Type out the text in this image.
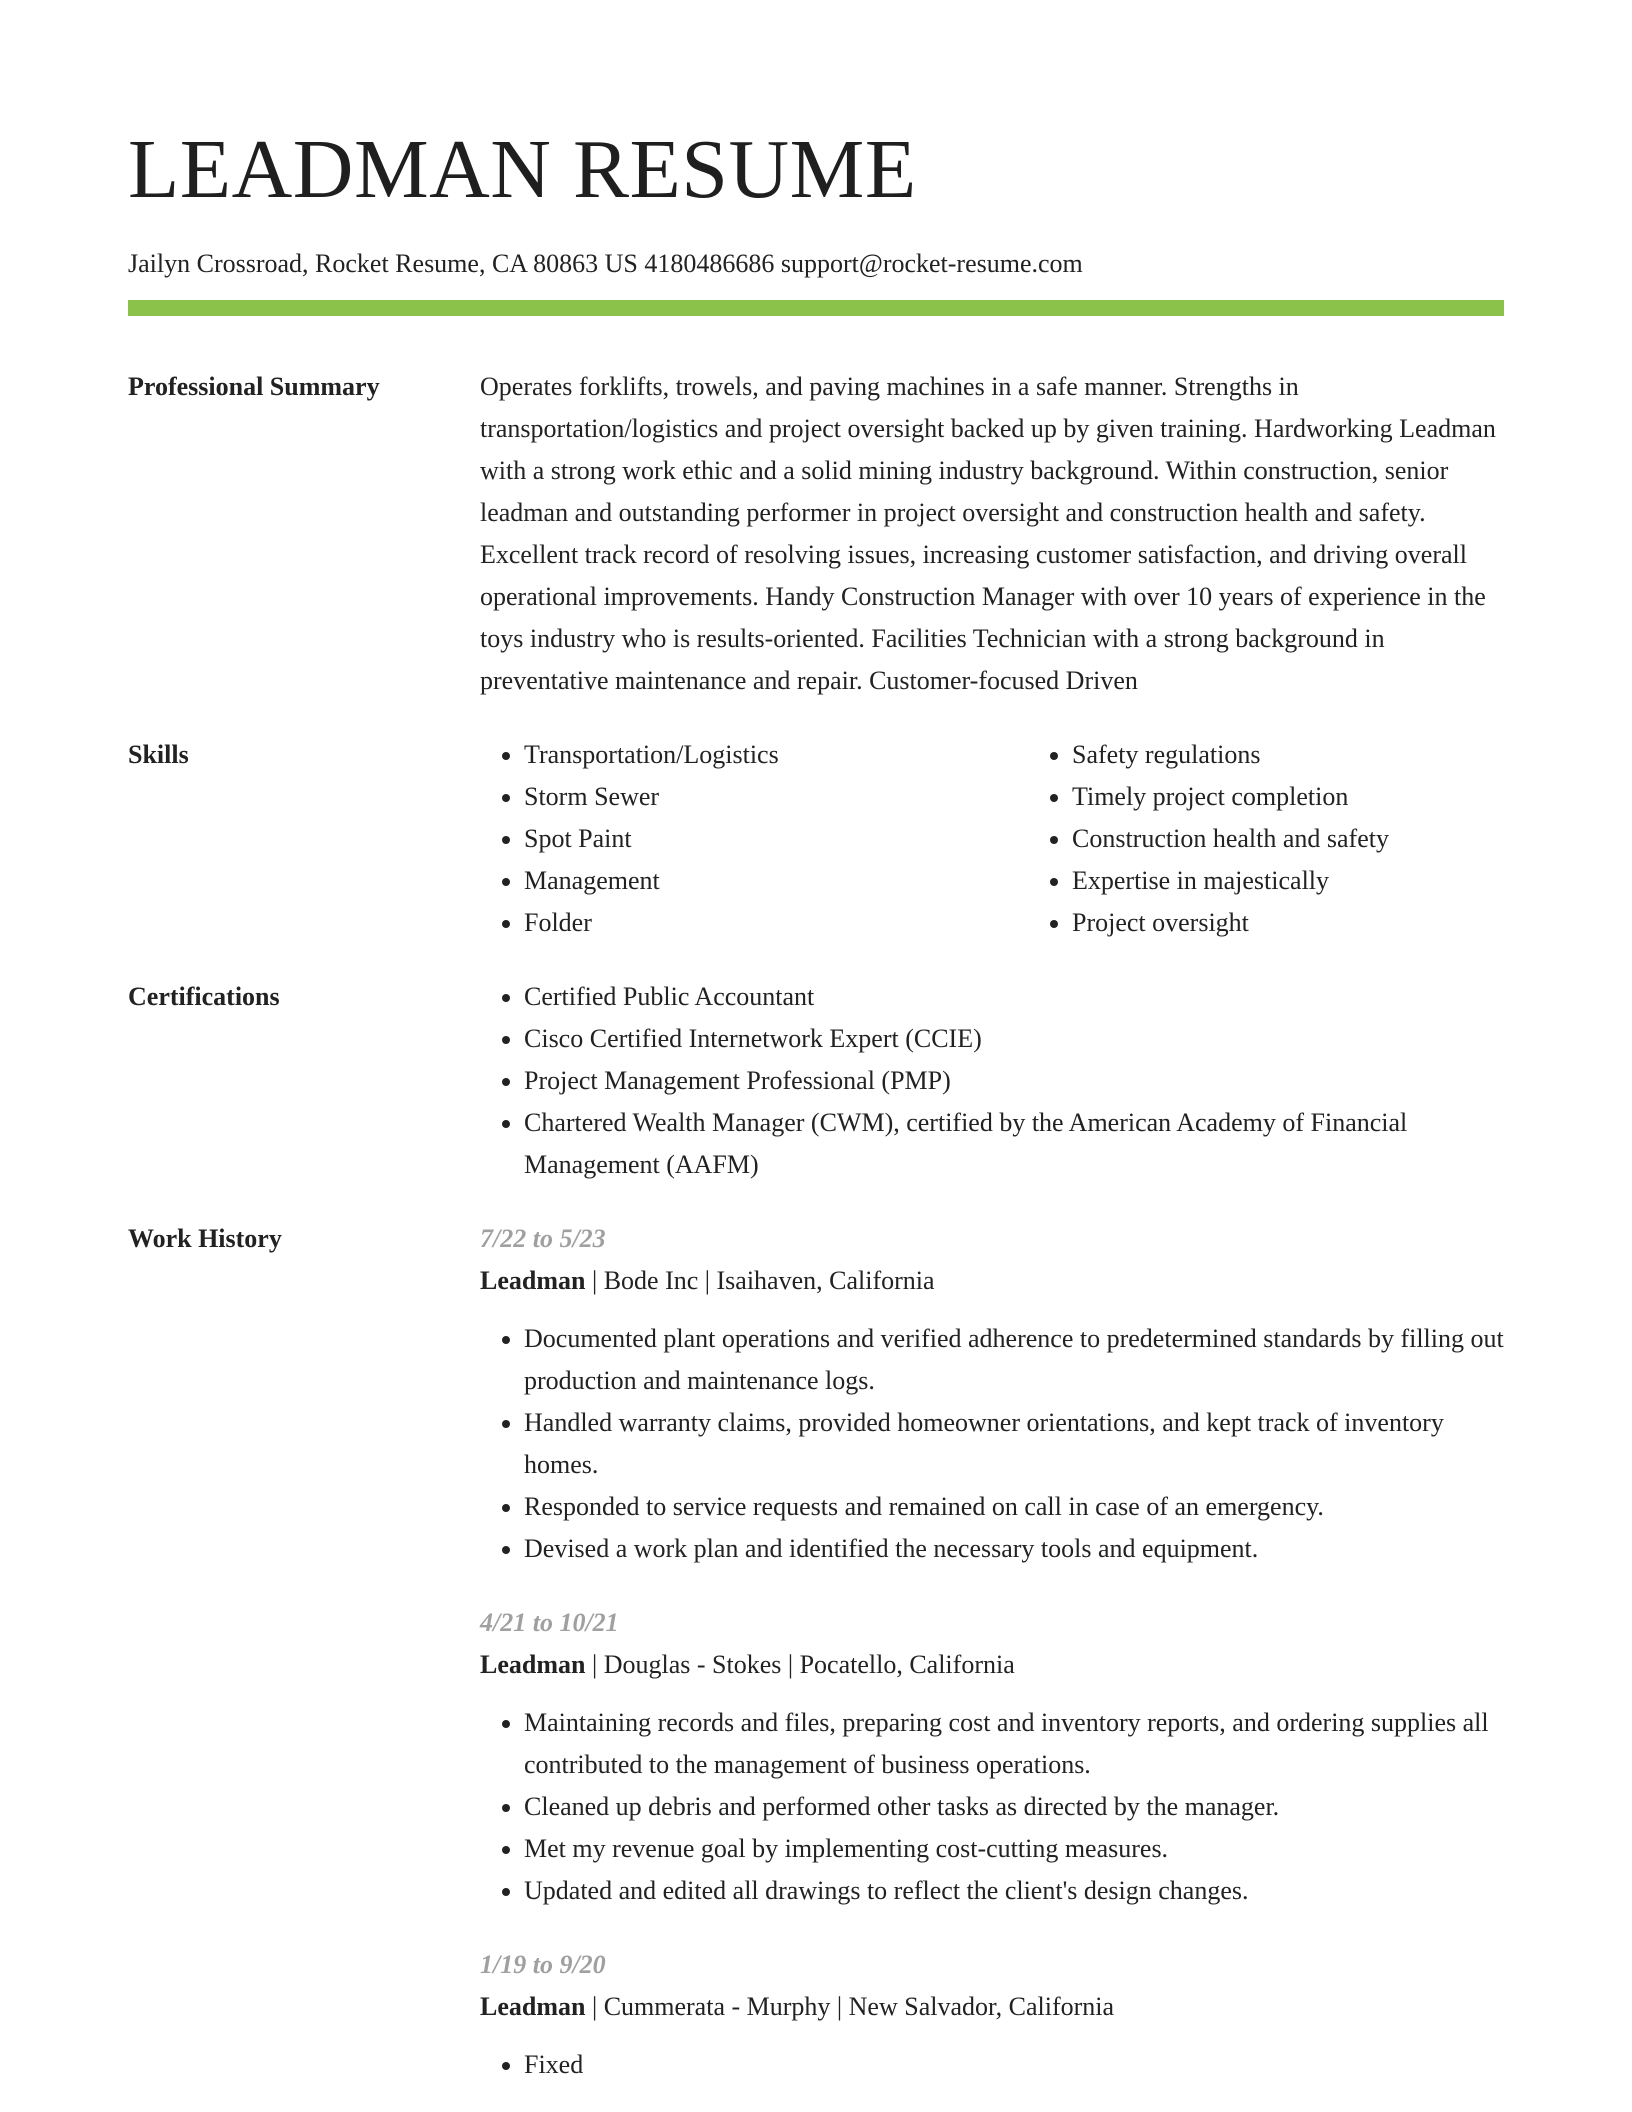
LEADMAN RESUME
Jailyn Crossroad, Rocket Resume, CA 80863 US 4180486686 support@rocket-resume.com
Professional Summary	Operates forklifts, trowels, and paving machines in a safe manner. Strengths in transportation/logistics and project oversight backed up by given training. Hardworking Leadman with a strong work ethic and a solid mining industry background. Within construction, senior leadman and outstanding performer in project oversight and construction health and safety. Excellent track record of resolving issues, increasing customer satisfaction, and driving overall operational improvements. Handy Construction Manager with over 10 years of experience in the toys industry who is results-oriented. Facilities Technician with a strong background in preventative maintenance and repair. Customer-focused Driven
Skills	• Transportation/Logistics
• Storm Sewer
• Spot Paint
• Management
• Folder
• Safety regulations
• Timely project completion
• Construction health and safety
• Expertise in majestically
• Project oversight
Certifications	• Certified Public Accountant
• Cisco Certified Internetwork Expert (CCIE)
• Project Management Professional (PMP)
• Chartered Wealth Manager (CWM), certified by the American Academy of Financial Management (AAFM)
Work History	7/22 to 5/23
Leadman | Bode Inc | Isaihaven, California
• Documented plant operations and verified adherence to predetermined standards by filling out production and maintenance logs.
• Handled warranty claims, provided homeowner orientations, and kept track of inventory homes.
• Responded to service requests and remained on call in case of an emergency.
• Devised a work plan and identified the necessary tools and equipment.
4/21 to 10/21
Leadman | Douglas - Stokes | Pocatello, California
• Maintaining records and files, preparing cost and inventory reports, and ordering supplies all contributed to the management of business operations.
• Cleaned up debris and performed other tasks as directed by the manager.
• Met my revenue goal by implementing cost-cutting measures.
• Updated and edited all drawings to reflect the client's design changes.
1/19 to 9/20
Leadman | Cummerata - Murphy | New Salvador, California
• Fixed
